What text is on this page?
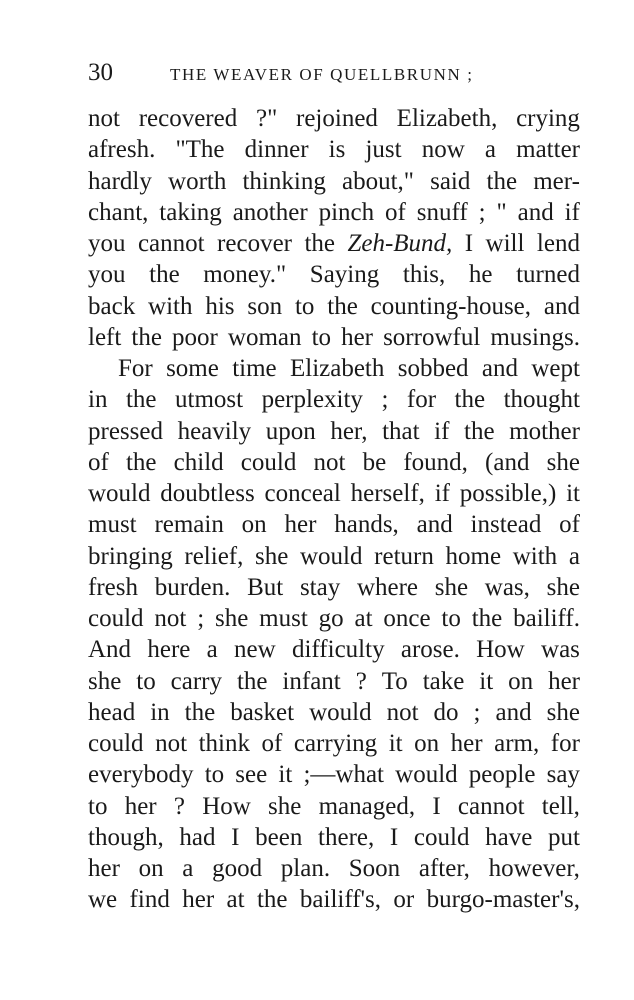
30	THE WEAVER OF QUELLBRUNN ;
not recovered ?" rejoined Elizabeth, crying
afresh. "The dinner is just now a matter
hardly worth thinking about," said the mer-
chant, taking another pinch of snuff ; " and if
you cannot recover the Zeh-Bund, I will lend
you the money." Saying this, he turned
back with his son to the counting-house, and
left the poor woman to her sorrowful musings.
For some time Elizabeth sobbed and wept
in the utmost perplexity ; for the thought
pressed heavily upon her, that if the mother
of the child could not be found, (and she
would doubtless conceal herself, if possible,) it
must remain on her hands, and instead of
bringing relief, she would return home with a
fresh burden. But stay where she was, she
could not ; she must go at once to the bailiff.
And here a new difficulty arose. How was
she to carry the infant ? To take it on her
head in the basket would not do ; and she
could not think of carrying it on her arm, for
everybody to see it ;—what would people say
to her ? How she managed, I cannot tell,
though, had I been there, I could have put
her on a good plan. Soon after, however,
we find her at the bailiff's, or burgo-master's,
